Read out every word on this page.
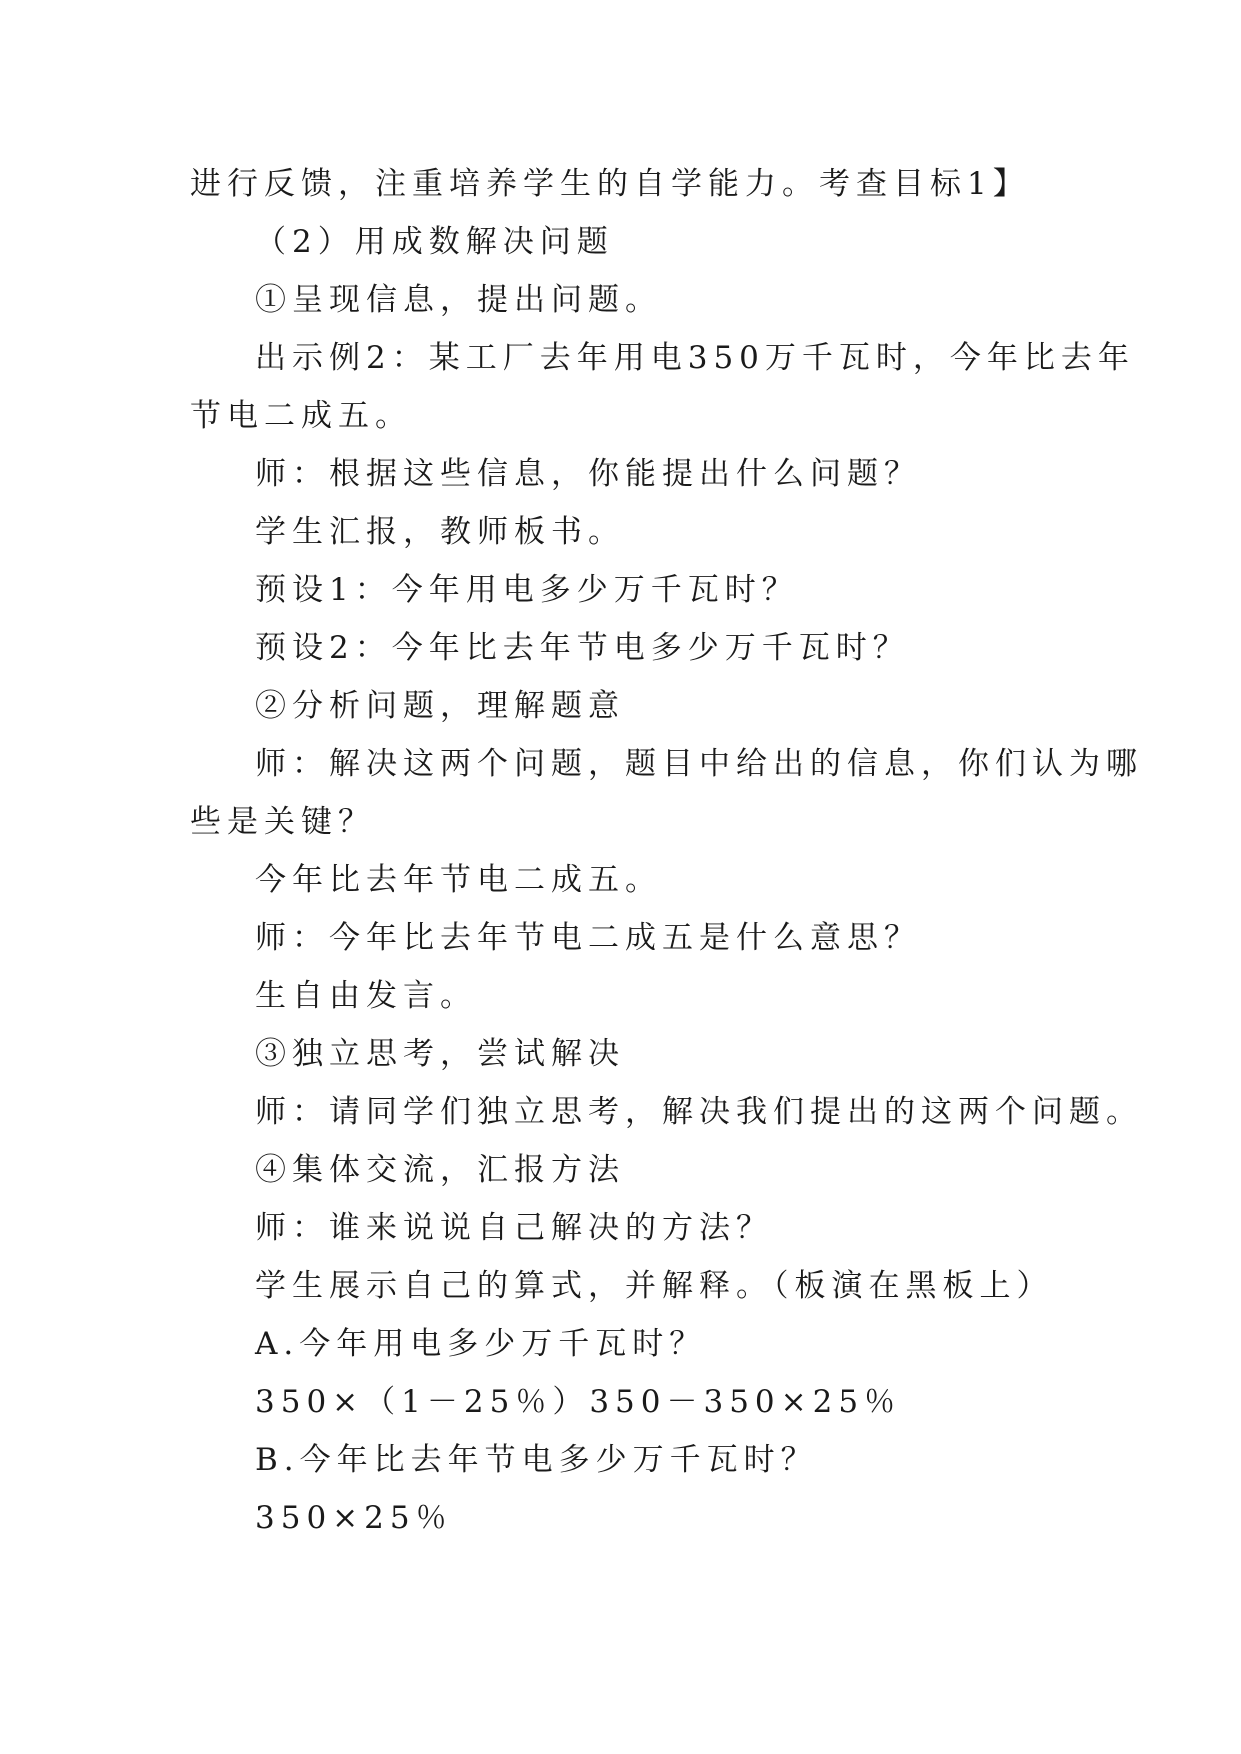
进行反馈，注重培养学生的自学能力。考查目标1】
（2）用成数解决问题
①呈现信息，提出问题。
出示例2：某工厂去年用电350万千瓦时，今年比去年
节电二成五。
师：根据这些信息，你能提出什么问题？
学生汇报，教师板书。
预设1：今年用电多少万千瓦时？
预设2：今年比去年节电多少万千瓦时？
②分析问题，理解题意
师：解决这两个问题，题目中给出的信息，你们认为哪
些是关键？
今年比去年节电二成五。
师：今年比去年节电二成五是什么意思？
生自由发言。
③独立思考，尝试解决
师：请同学们独立思考，解决我们提出的这两个问题。
④集体交流，汇报方法
师：谁来说说自己解决的方法？
学生展示自己的算式，并解释。（板演在黑板上）
A.今年用电多少万千瓦时？
350×（1－25％）350－350×25％
B.今年比去年节电多少万千瓦时？
350×25％
